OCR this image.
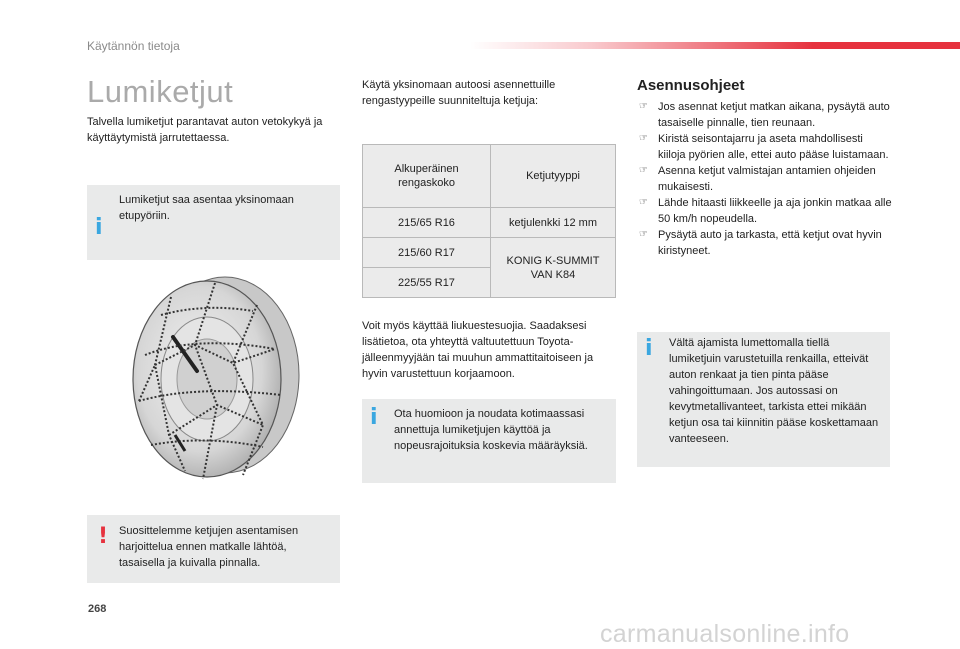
Käytännön tietoja
Lumiketjut
Talvella lumiketjut parantavat auton vetokykyä ja käyttäytymistä jarrutettaessa.
i
Lumiketjut saa asentaa yksinomaan etupyöriin.
! Suosittelemme ketjujen asentamisen harjoittelua ennen matkalle lähtöä, tasaisella ja kuivalla pinnalla.
Käytä yksinomaan autoosi asennettuille rengastyypeille suunniteltuja ketjuja:
Alkuperäinen rengaskoko	Ketjutyyppi
215/65 R16	ketjulenkki 12 mm
215/60 R17	KONIG K-SUMMIT VAN K84
225/55 R17	
Voit myös käyttää liukuestesuojia. Saadaksesi lisätietoa, ota yhteyttä valtuutettuun Toyota-jälleenmyyjään tai muuhun ammattitaitoiseen ja hyvin varustettuun korjaamoon.
i Ota huomioon ja noudata kotimaassasi annettuja lumiketjujen käyttöä ja nopeusrajoituksia koskevia määräyksiä.
Asennusohjeet
☞ Jos asennat ketjut matkan aikana, pysäytä auto tasaiselle pinnalle, tien reunaan.
☞ Kiristä seisontajarru ja aseta mahdollisesti kiiloja pyörien alle, ettei auto pääse luistamaan.
☞ Asenna ketjut valmistajan antamien ohjeiden mukaisesti.
☞ Lähde hitaasti liikkeelle ja aja jonkin matkaa alle 50 km/h nopeudella.
☞ Pysäytä auto ja tarkasta, että ketjut ovat hyvin kiristyneet.
i Vältä ajamista lumettomalla tiellä lumiketjuin varustetuilla renkailla, etteivät auton renkaat ja tien pinta pääse vahingoittumaan. Jos autossasi on kevytmetallivanteet, tarkista ettei mikään ketjun osa tai kiinnitin pääse koskettamaan vanteeseen.
268
carmanualsonline.info
